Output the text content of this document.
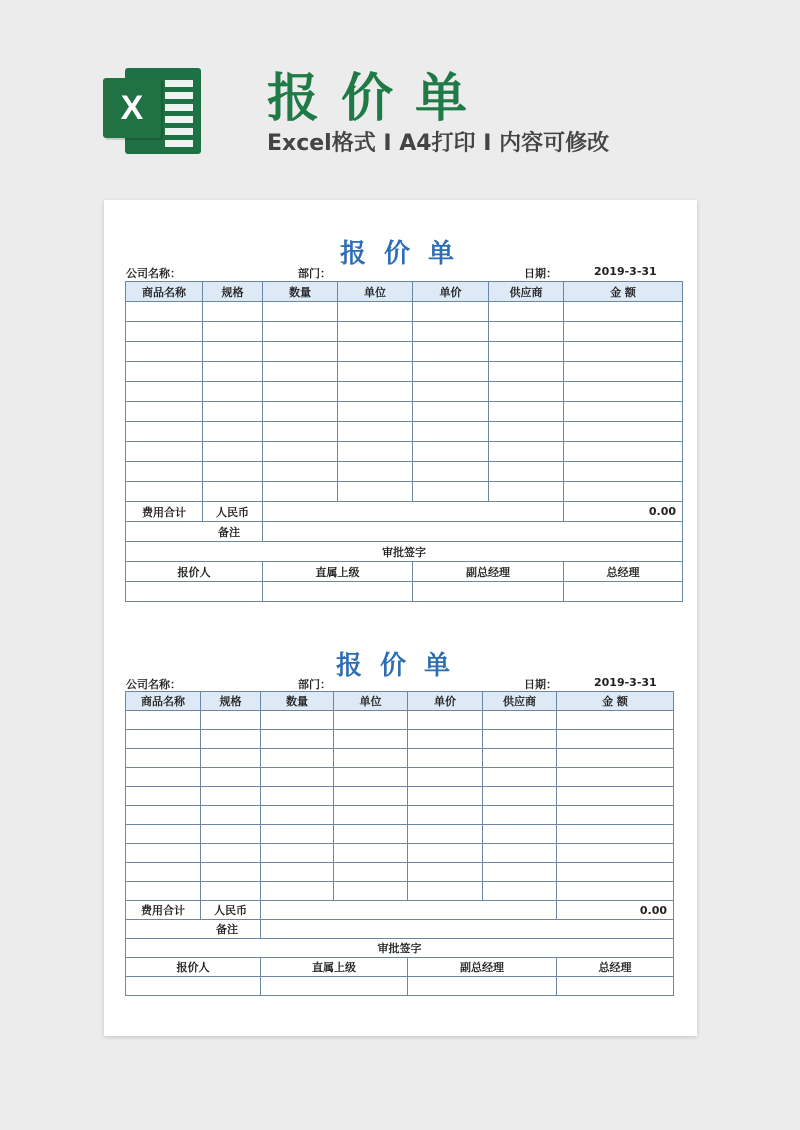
X	报价单
Excel格式 I A4打印 I 内容可修改
报价单
公司名称：	部门：	日期：	2019-3-31
商品名称	规格	数量	单位	单价	供应商	金 额

费用合计	人民币					0.00
备注						
审批签字						
报价人		直属上级		副总经理		总经理

报价单
公司名称：	部门：	日期：	2019-3-31
商品名称	规格	数量	单位	单价	供应商	金 额

费用合计	人民币					0.00
备注						
审批签字						
报价人		直属上级		副总经理		总经理
